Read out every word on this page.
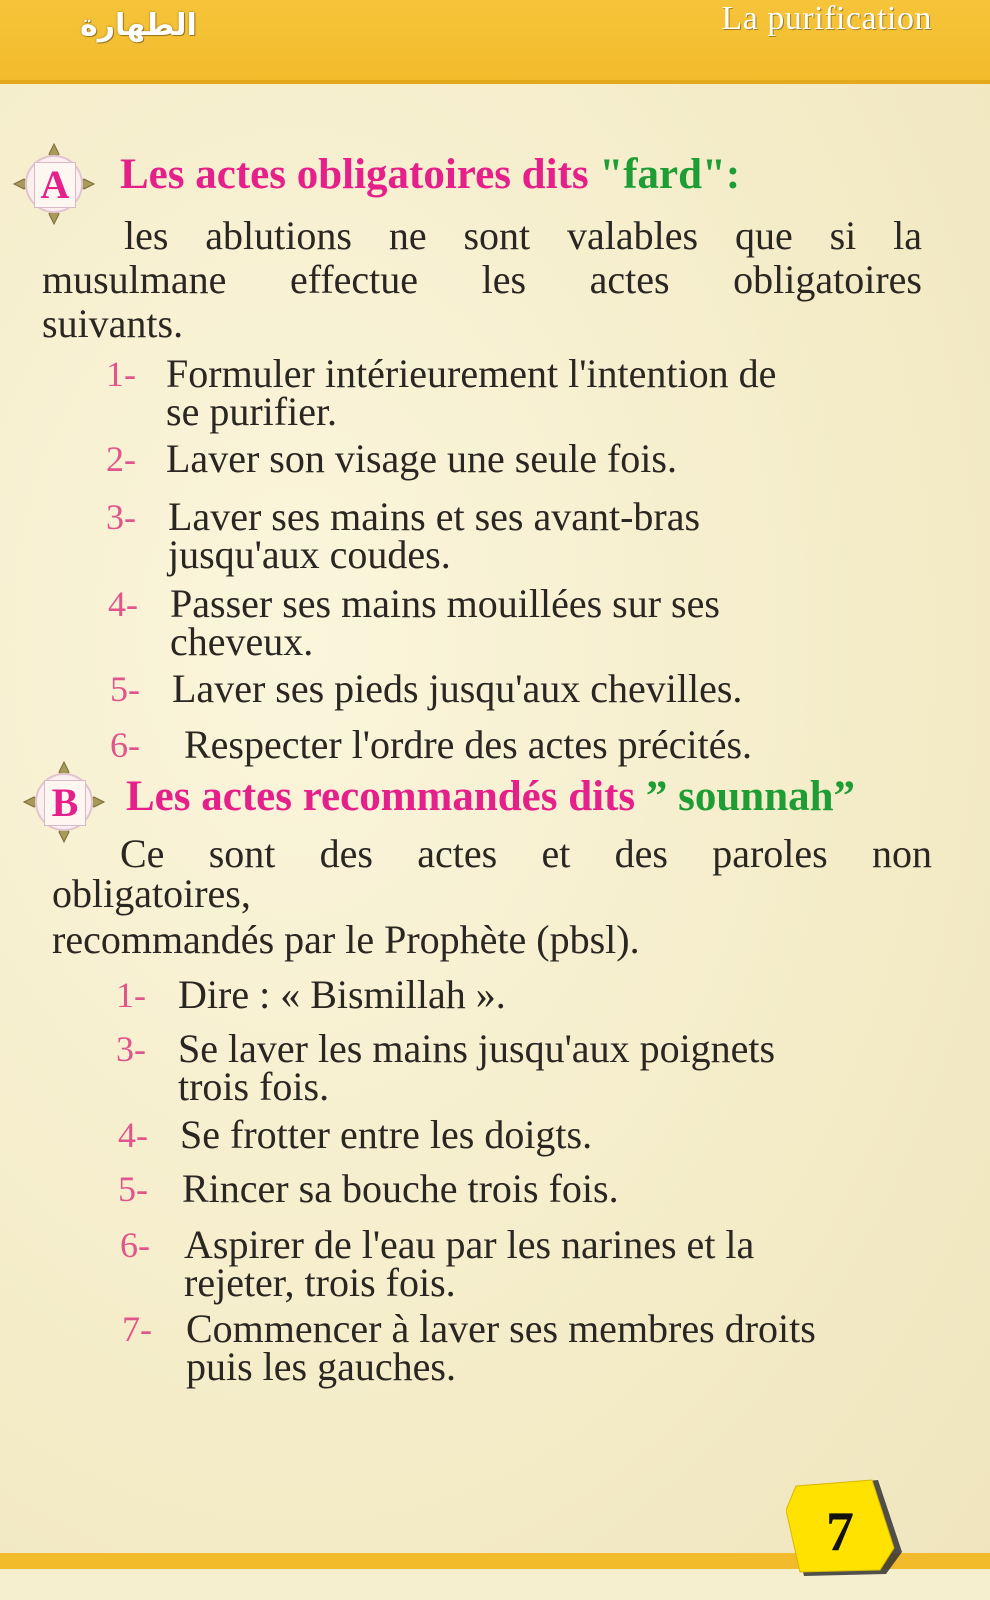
الطهارة	La purification
A Les actes obligatoires dits "fard":
les ablutions ne sont valables que si la
musulmane effectue les actes obligatoires
suivants.
1- Formuler intérieurement l'intention de
se purifier.
2- Laver son visage une seule fois.
3- Laver ses mains et ses avant-bras
jusqu'aux coudes.
4- Passer ses mains mouillées sur ses
cheveux.
5- Laver ses pieds jusqu'aux chevilles.
6- Respecter l'ordre des actes précités.
B Les actes recommandés dits ” sounnah”
Ce sont des actes et des paroles non
obligatoires,
recommandés par le Prophète (pbsl).
1- Dire : « Bismillah ».
3- Se laver les mains jusqu'aux poignets
trois fois.
4- Se frotter entre les doigts.
5- Rincer sa bouche trois fois.
6- Aspirer de l'eau par les narines et la
rejeter, trois fois.
7- Commencer à laver ses membres droits
puis les gauches.
7
